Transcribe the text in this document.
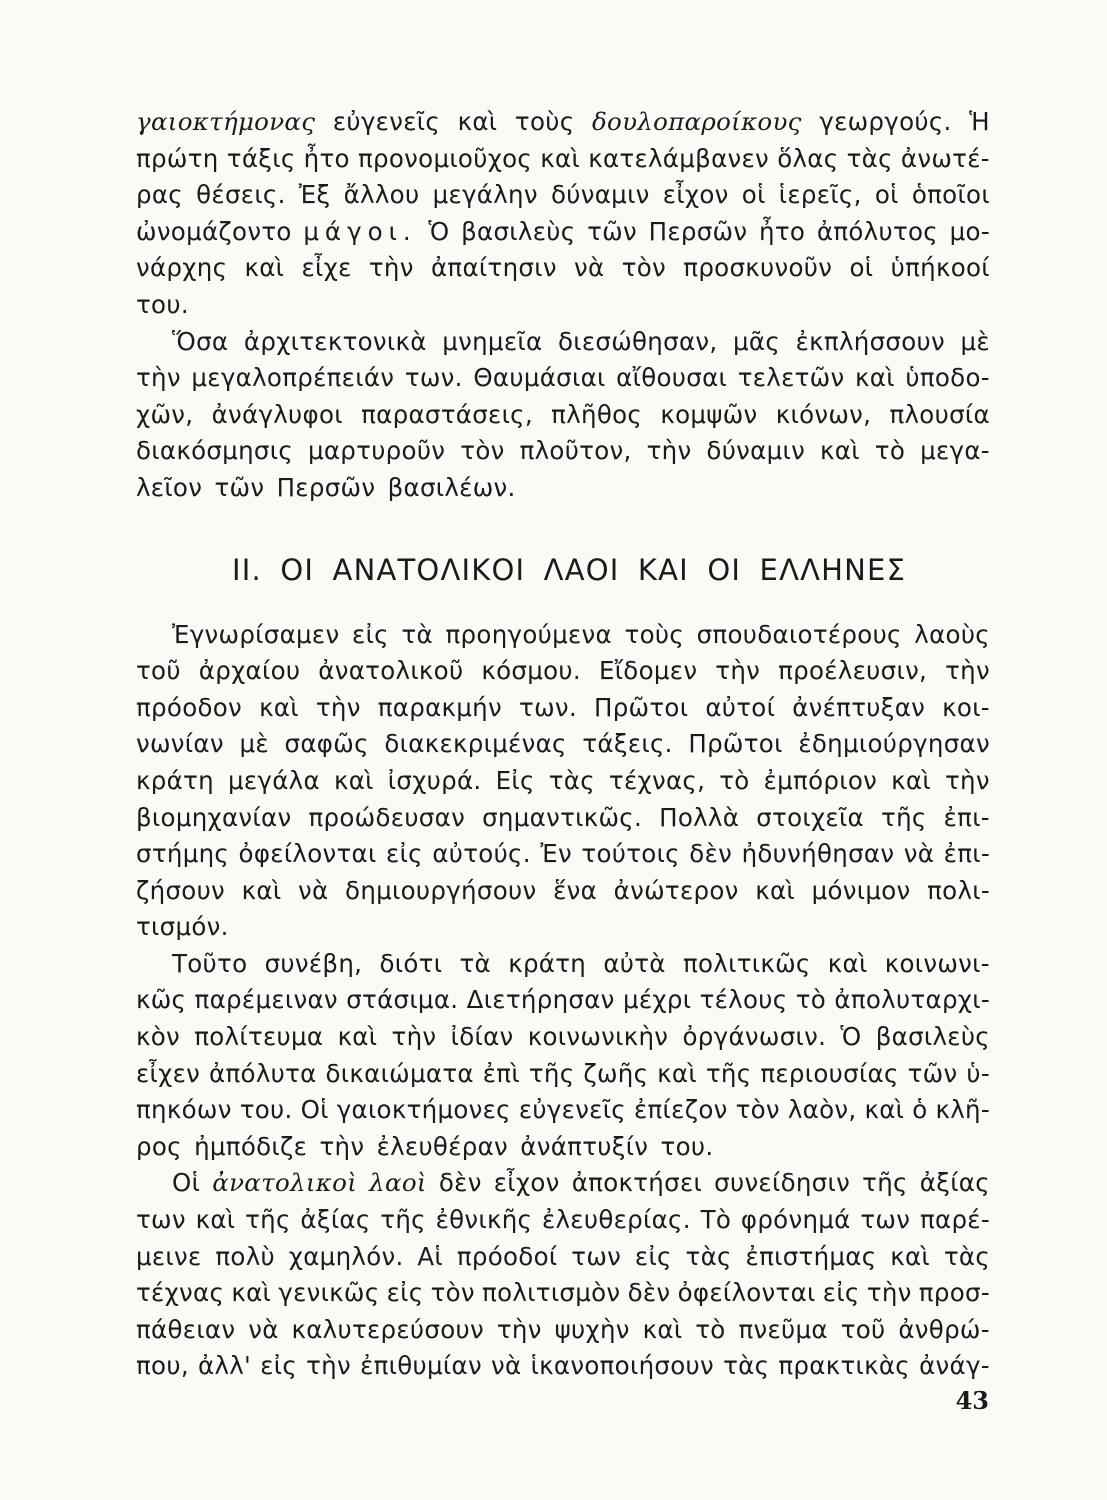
γαιοκτήμονας εὐγενεῖς καὶ τοὺς δουλοπαροίκους γεωργούς. Ἡ
πρώτη τάξις ἦτο προνομιοῦχος καὶ κατελάμβανεν ὅλας τὰς ἀνωτέ-
ρας θέσεις. Ἐξ ἄλλου μεγάλην δύναμιν εἶχον οἱ ἱερεῖς, οἱ ὁποῖοι
ὠνομάζοντο μάγοι. Ὁ βασιλεὺς τῶν Περσῶν ἦτο ἀπόλυτος μο-
νάρχης καὶ εἶχε τὴν ἀπαίτησιν νὰ τὸν προσκυνοῦν οἱ ὑπήκοοί
του.
Ὅσα ἀρχιτεκτονικὰ μνημεῖα διεσώθησαν, μᾶς ἐκπλήσσουν μὲ
τὴν μεγαλοπρέπειάν των. Θαυμάσιαι αἴθουσαι τελετῶν καὶ ὑποδο-
χῶν, ἀνάγλυφοι παραστάσεις, πλῆθος κομψῶν κιόνων, πλουσία
διακόσμησις μαρτυροῦν τὸν πλοῦτον, τὴν δύναμιν καὶ τὸ μεγα-
λεῖον τῶν Περσῶν βασιλέων.
Ἐγνωρίσαμεν εἰς τὰ προηγούμενα τοὺς σπουδαιοτέρους λαοὺς
τοῦ ἀρχαίου ἀνατολικοῦ κόσμου. Εἴδομεν τὴν προέλευσιν, τὴν
πρόοδον καὶ τὴν παρακμήν των. Πρῶτοι αὐτοί ἀνέπτυξαν κοι-
νωνίαν μὲ σαφῶς διακεκριμένας τάξεις. Πρῶτοι ἐδημιούργησαν
κράτη μεγάλα καὶ ἰσχυρά. Εἰς τὰς τέχνας, τὸ ἐμπόριον καὶ τὴν
βιομηχανίαν προώδευσαν σημαντικῶς. Πολλὰ στοιχεῖα τῆς ἐπι-
στήμης ὀφείλονται εἰς αὐτούς. Ἐν τούτοις δὲν ἠδυνήθησαν νὰ ἐπι-
ζήσουν καὶ νὰ δημιουργήσουν ἕνα ἀνώτερον καὶ μόνιμον πολι-
τισμόν.
Τοῦτο συνέβη, διότι τὰ κράτη αὐτὰ πολιτικῶς καὶ κοινωνι-
κῶς παρέμειναν στάσιμα. Διετήρησαν μέχρι τέλους τὸ ἀπολυταρχι-
κὸν πολίτευμα καὶ τὴν ἰδίαν κοινωνικὴν ὀργάνωσιν. Ὁ βασιλεὺς
εἶχεν ἀπόλυτα δικαιώματα ἐπὶ τῆς ζωῆς καὶ τῆς περιουσίας τῶν ὑ-
πηκόων του. Οἱ γαιοκτήμονες εὐγενεῖς ἐπίεζον τὸν λαὸν, καὶ ὁ κλῆ-
ρος ἠμπόδιζε τὴν ἐλευθέραν ἀνάπτυξίν του.
Οἱ ἀνατολικοὶ λαοὶ δὲν εἶχον ἀποκτήσει συνείδησιν τῆς ἀξίας
των καὶ τῆς ἀξίας τῆς ἐθνικῆς ἐλευθερίας. Τὸ φρόνημά των παρέ-
μεινε πολὺ χαμηλόν. Αἱ πρόοδοί των εἰς τὰς ἐπιστήμας καὶ τὰς
τέχνας καὶ γενικῶς εἰς τὸν πολιτισμὸν δὲν ὀφείλονται εἰς τὴν προσ-
πάθειαν νὰ καλυτερεύσουν τὴν ψυχὴν καὶ τὸ πνεῦμα τοῦ ἀνθρώ-
που, ἀλλ' εἰς τὴν ἐπιθυμίαν νὰ ἱκανοποιήσουν τὰς πρακτικὰς ἀνάγ-
II. ΟΙ ΑΝΑΤΟΛΙΚΟΙ ΛΑΟΙ ΚΑΙ ΟΙ ΕΛΛΗΝΕΣ
43
